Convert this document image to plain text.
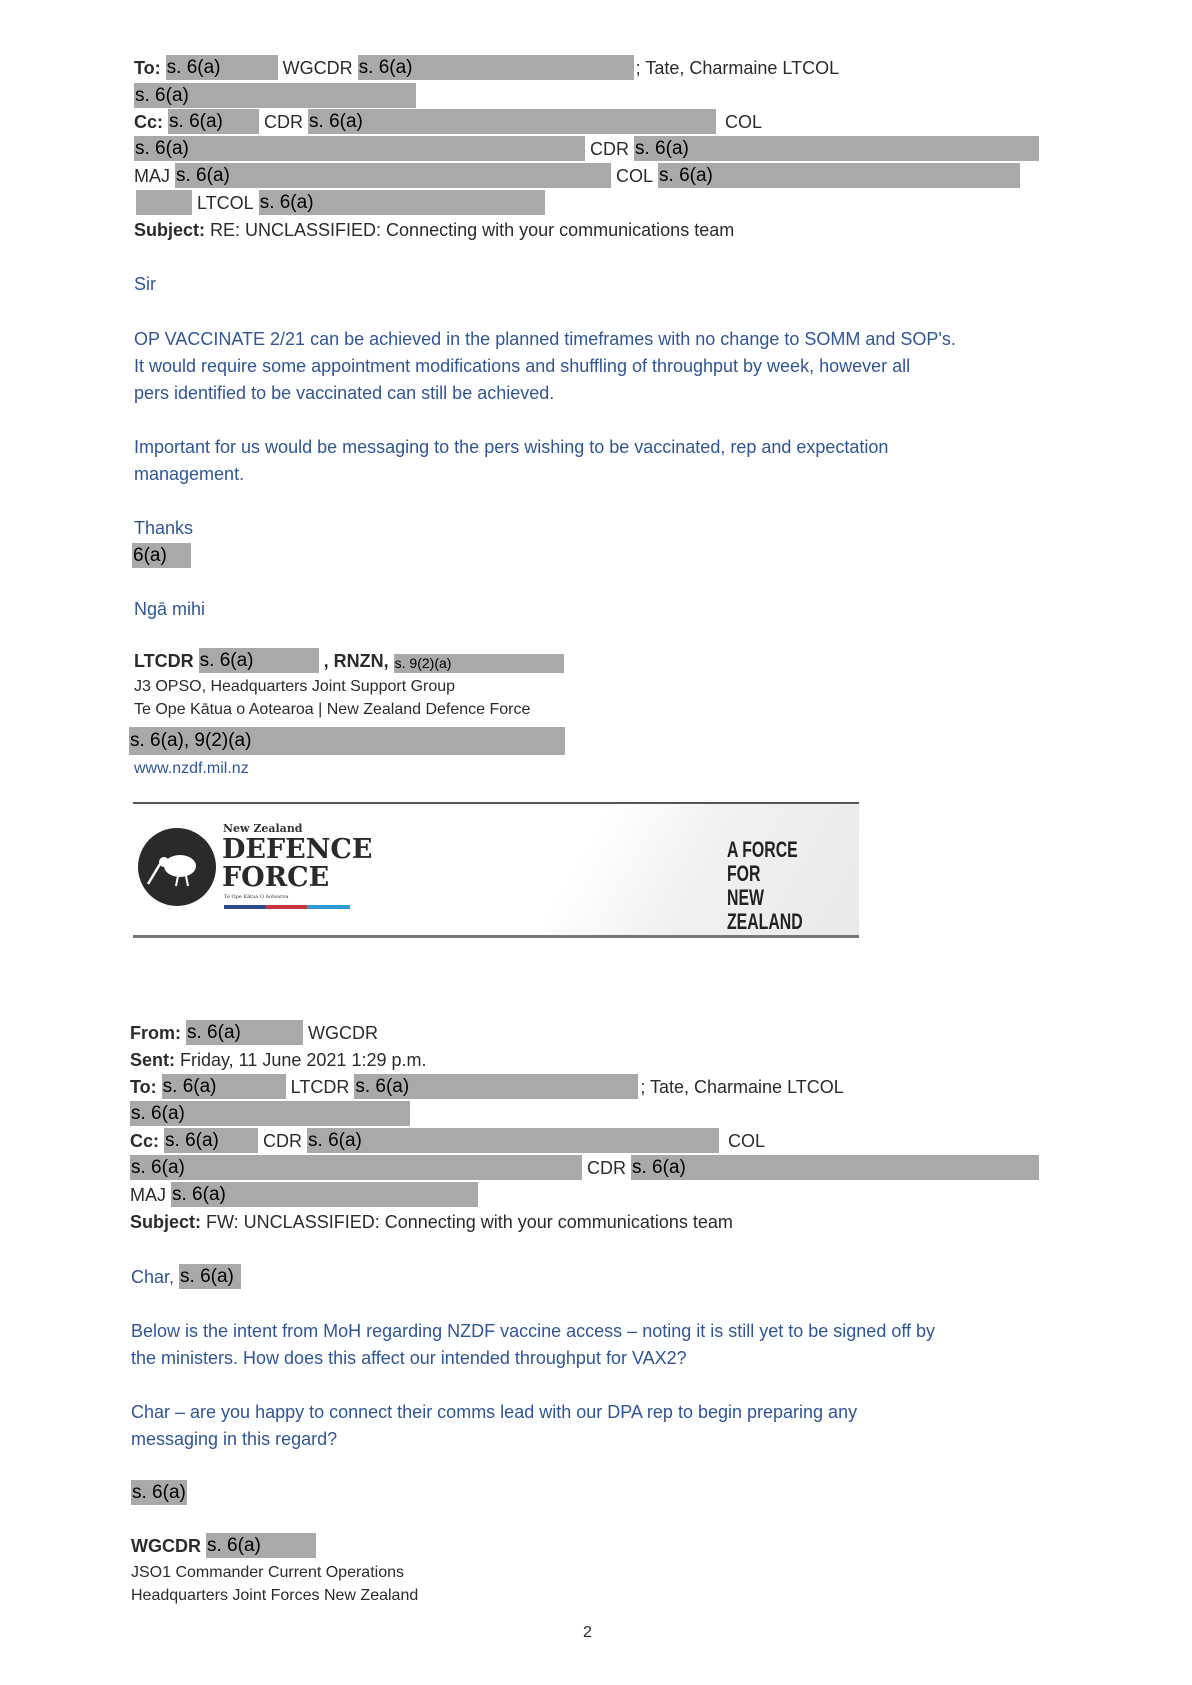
To: s. 6(a)	WGCDR s. 6(a)	; Tate, Charmaine LTCOL
s. 6(a)
Cc: s. 6(a)	CDR s. 6(a)	COL
s. 6(a)	CDR s. 6(a)
MAJ s. 6(a)	COL s. 6(a)
LTCOL s. 6(a)
Subject: RE: UNCLASSIFIED: Connecting with your communications team
Sir
OP VACCINATE 2/21 can be achieved in the planned timeframes with no change to SOMM and SOP's.
It would require some appointment modifications and shuffling of throughput by week, however all
pers identified to be vaccinated can still be achieved.
Important for us would be messaging to the pers wishing to be vaccinated, rep and expectation
management.
Thanks
6(a)
Ngā mihi
LTCDR s. 6(a)	, RNZN, s. 9(2)(a)
J3 OPSO, Headquarters Joint Support Group
Te Ope Kātua o Aotearoa | New Zealand Defence Force
s. 6(a), 9(2)(a)
www.nzdf.mil.nz
New Zealand
DEFENCE
FORCE
Te Ope Kātua O Aotearoa
A FORCE FOR
NEW ZEALAND
From: s. 6(a)	WGCDR
Sent: Friday, 11 June 2021 1:29 p.m.
To: s. 6(a)	LTCDR s. 6(a)	; Tate, Charmaine LTCOL
s. 6(a)
Cc: s. 6(a)	CDR s. 6(a)	COL
s. 6(a)	CDR s. 6(a)
MAJ s. 6(a)
Subject: FW: UNCLASSIFIED: Connecting with your communications team
Char, s. 6(a)
Below is the intent from MoH regarding NZDF vaccine access – noting it is still yet to be signed off by
the ministers. How does this affect our intended throughput for VAX2?
Char – are you happy to connect their comms lead with our DPA rep to begin preparing any
messaging in this regard?
s. 6(a)
WGCDR s. 6(a)
JSO1 Commander Current Operations
Headquarters Joint Forces New Zealand
2
